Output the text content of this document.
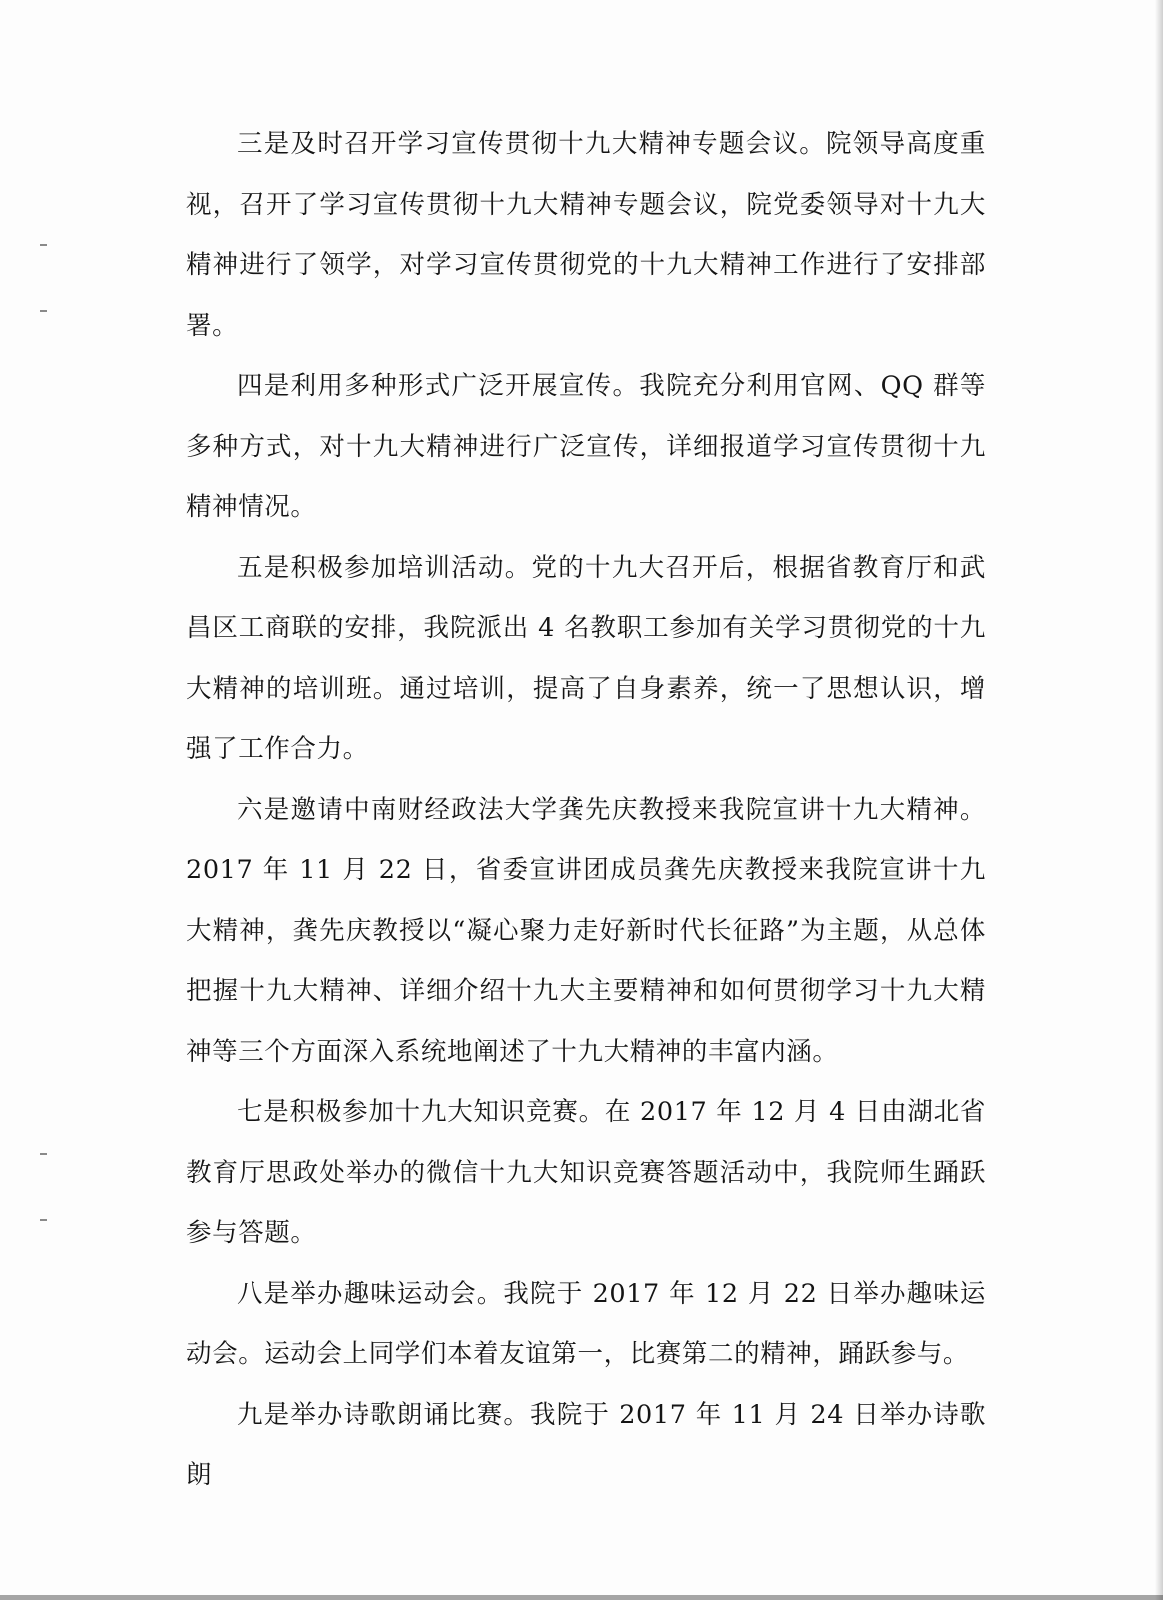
三是及时召开学习宣传贯彻十九大精神专题会议。院领导高度重视，召开了学习宣传贯彻十九大精神专题会议，院党委领导对十九大精神进行了领学，对学习宣传贯彻党的十九大精神工作进行了安排部署。

四是利用多种形式广泛开展宣传。我院充分利用官网、QQ 群等多种方式，对十九大精神进行广泛宣传，详细报道学习宣传贯彻十九精神情况。

五是积极参加培训活动。党的十九大召开后，根据省教育厅和武昌区工商联的安排，我院派出 4 名教职工参加有关学习贯彻党的十九大精神的培训班。通过培训，提高了自身素养，统一了思想认识，增强了工作合力。

六是邀请中南财经政法大学龚先庆教授来我院宣讲十九大精神。2017 年 11 月 22 日，省委宣讲团成员龚先庆教授来我院宣讲十九大精神，龚先庆教授以“凝心聚力走好新时代长征路”为主题，从总体把握十九大精神、详细介绍十九大主要精神和如何贯彻学习十九大精神等三个方面深入系统地阐述了十九大精神的丰富内涵。

七是积极参加十九大知识竞赛。在 2017 年 12 月 4 日由湖北省教育厅思政处举办的微信十九大知识竞赛答题活动中，我院师生踊跃参与答题。

八是举办趣味运动会。我院于 2017 年 12 月 22 日举办趣味运动会。运动会上同学们本着友谊第一，比赛第二的精神，踊跃参与。

九是举办诗歌朗诵比赛。我院于 2017 年 11 月 24 日举办诗歌朗
